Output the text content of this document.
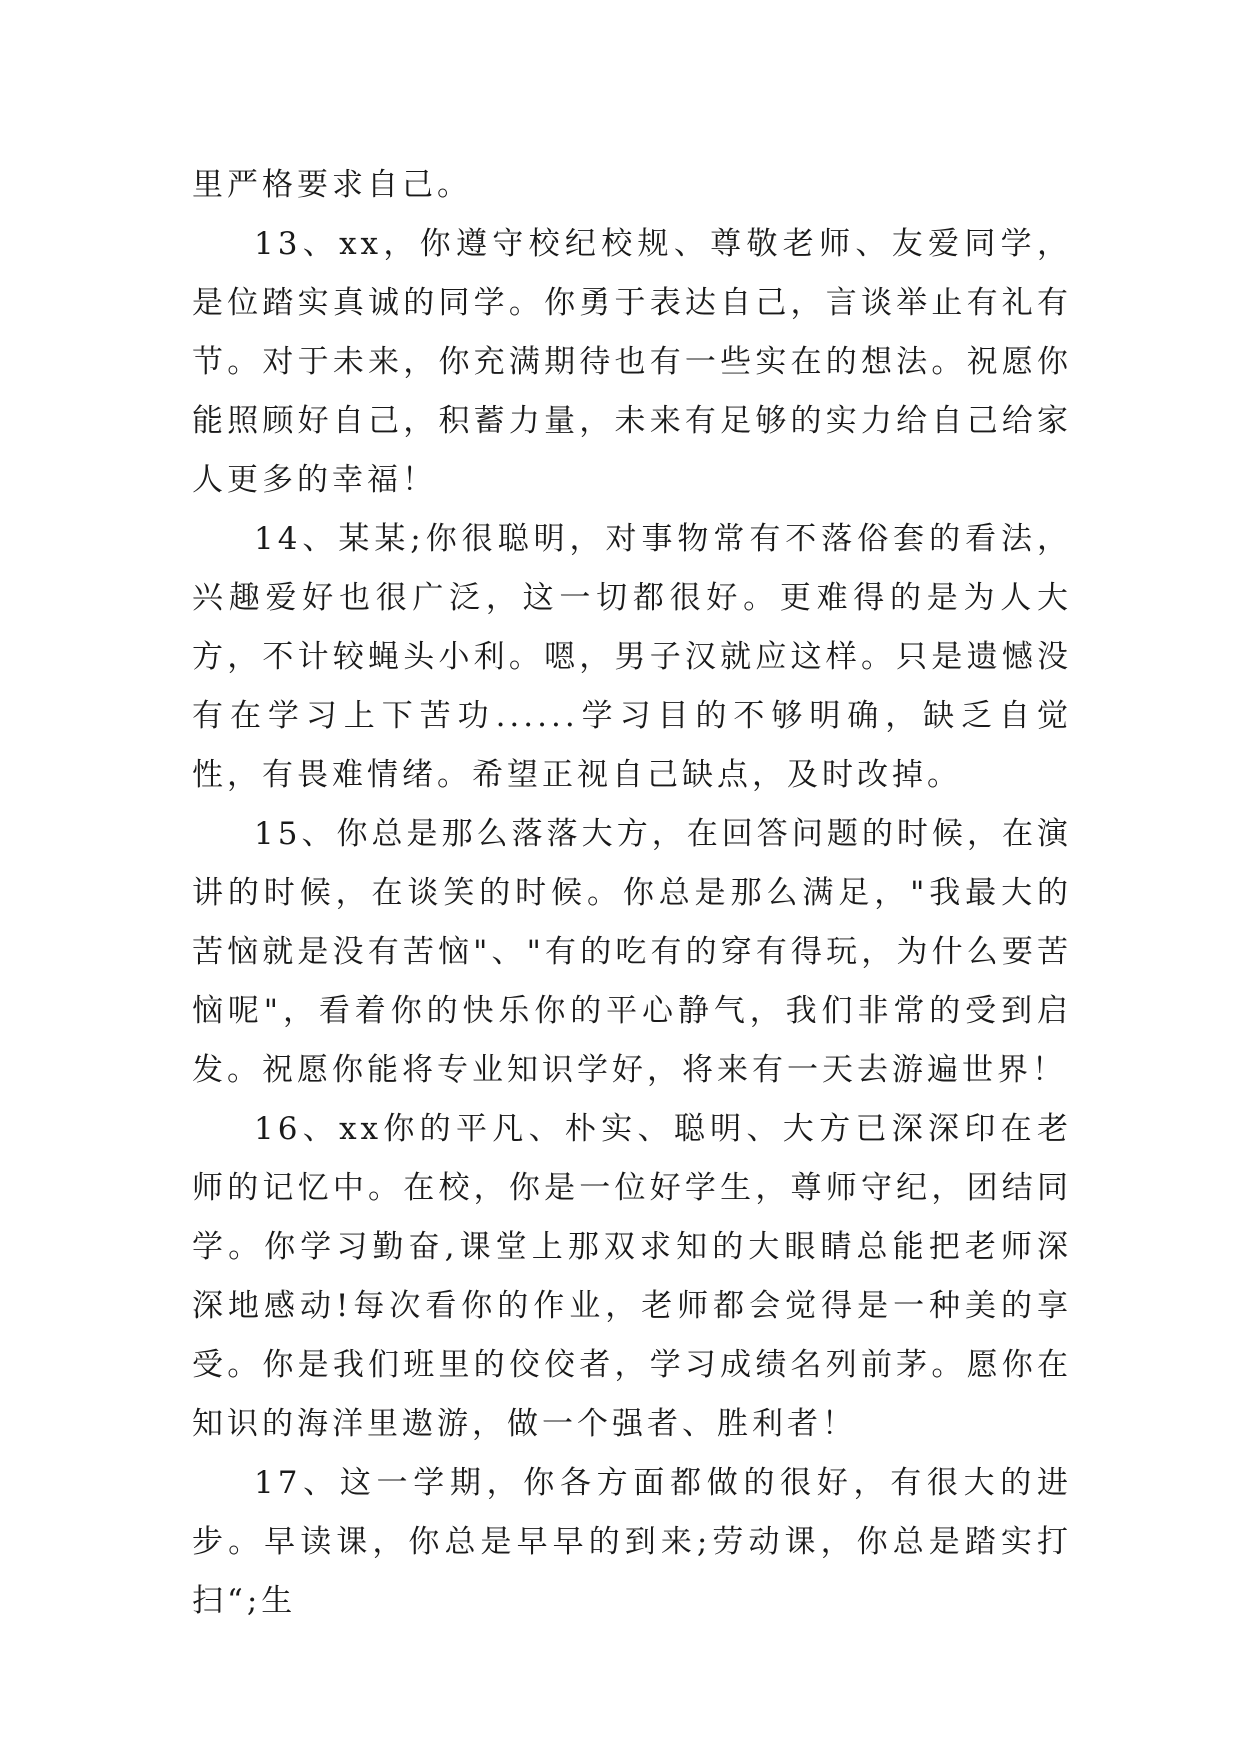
里严格要求自己。

13、xx，你遵守校纪校规、尊敬老师、友爱同学，是位踏实真诚的同学。你勇于表达自己，言谈举止有礼有节。对于未来，你充满期待也有一些实在的想法。祝愿你能照顾好自己，积蓄力量，未来有足够的实力给自己给家人更多的幸福！

14、某某;你很聪明，对事物常有不落俗套的看法，兴趣爱好也很广泛，这一切都很好。更难得的是为人大方，不计较蝇头小利。嗯，男子汉就应这样。只是遗憾没有在学习上下苦功......学习目的不够明确，缺乏自觉性，有畏难情绪。希望正视自己缺点，及时改掉。

15、你总是那么落落大方，在回答问题的时候，在演讲的时候，在谈笑的时候。你总是那么满足，"我最大的苦恼就是没有苦恼"、"有的吃有的穿有得玩，为什么要苦恼呢"，看着你的快乐你的平心静气，我们非常的受到启发。祝愿你能将专业知识学好，将来有一天去游遍世界！

16、xx你的平凡、朴实、聪明、大方已深深印在老师的记忆中。在校，你是一位好学生，尊师守纪，团结同学。你学习勤奋,课堂上那双求知的大眼睛总能把老师深深地感动!每次看你的作业，老师都会觉得是一种美的享受。你是我们班里的佼佼者，学习成绩名列前茅。愿你在知识的海洋里遨游，做一个强者、胜利者！

17、这一学期，你各方面都做的很好，有很大的进步。早读课，你总是早早的到来;劳动课，你总是踏实打扫“;生
